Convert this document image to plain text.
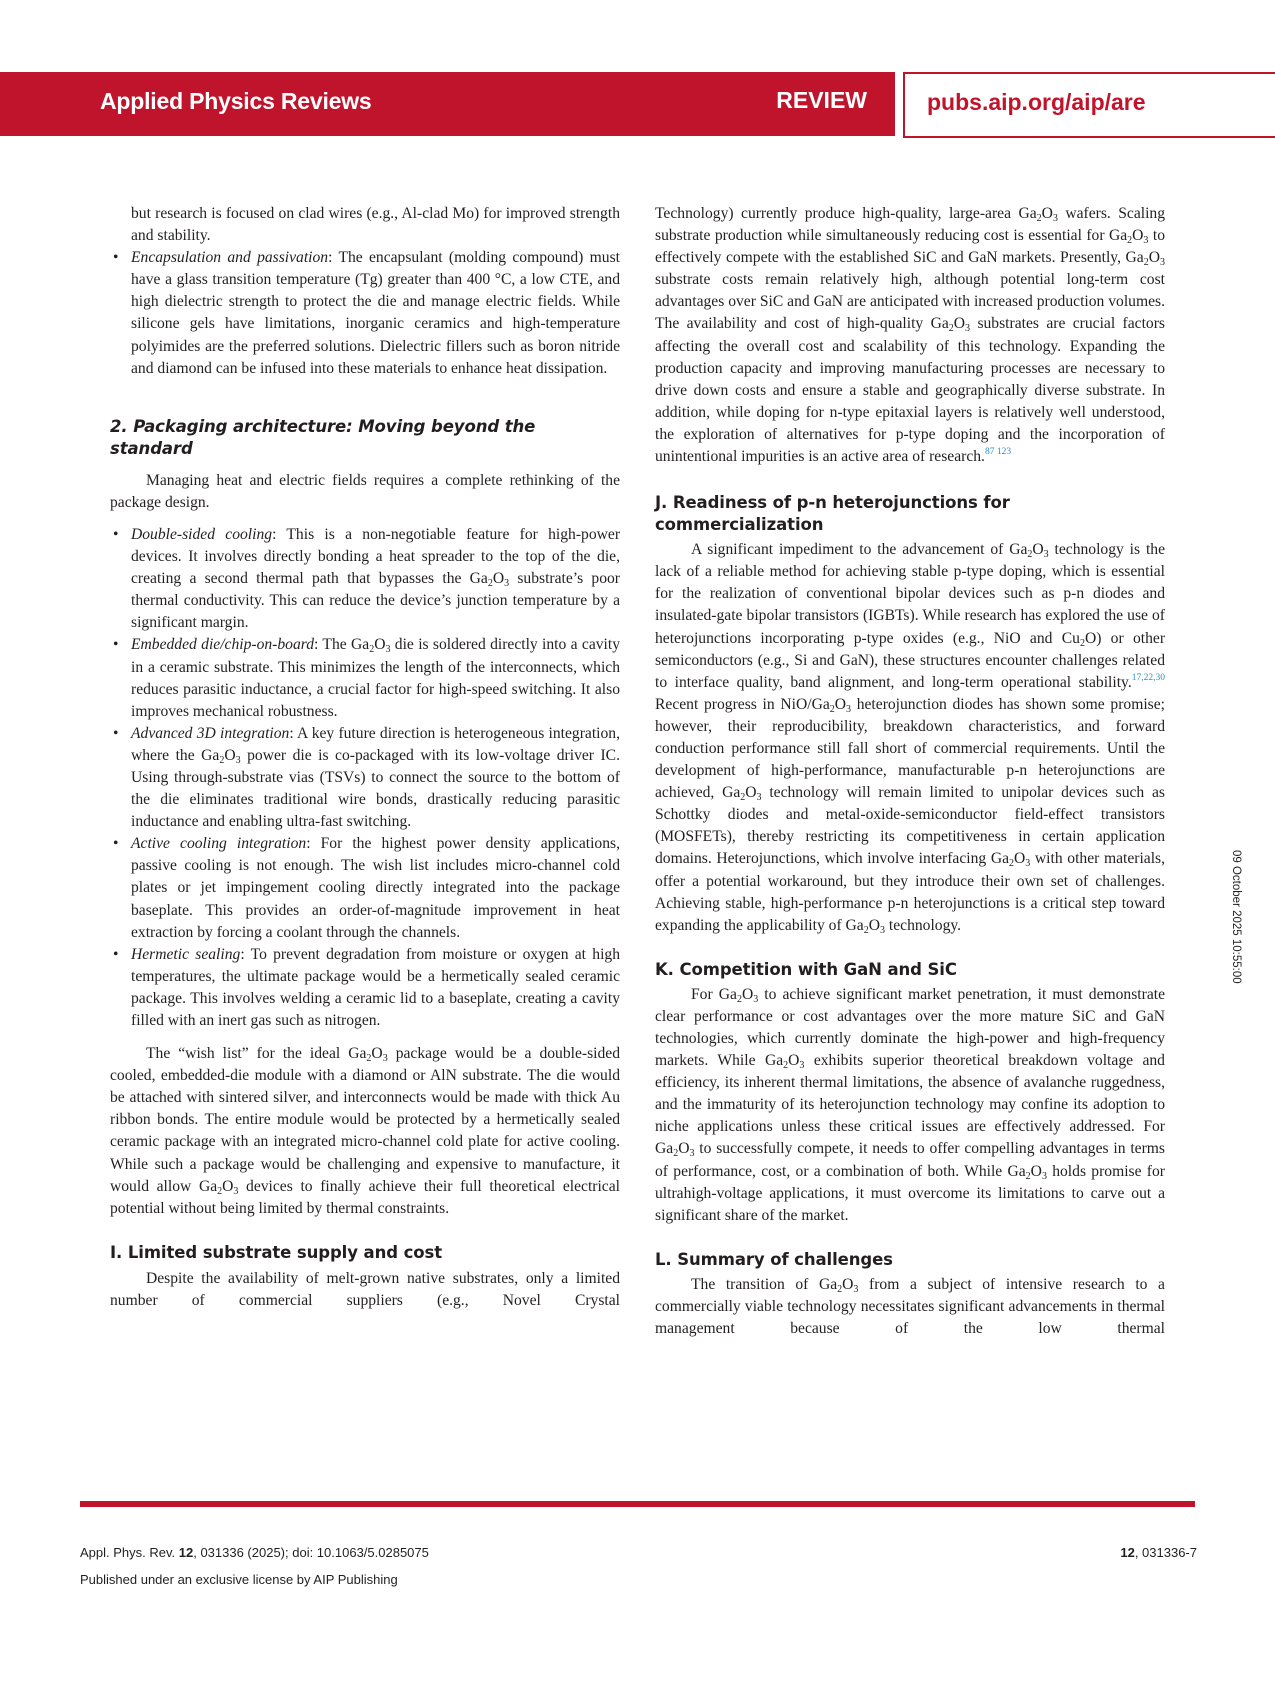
Applied Physics Reviews	REVIEW	pubs.aip.org/aip/are

but research is focused on clad wires (e.g., Al-clad Mo) for improved strength and stability.

• Encapsulation and passivation: The encapsulant (molding compound) must have a glass transition temperature (Tg) greater than 400 °C, a low CTE, and high dielectric strength to protect the die and manage electric fields. While silicone gels have limitations, inorganic ceramics and high-temperature polyimides are the preferred solutions. Dielectric fillers such as boron nitride and diamond can be infused into these materials to enhance heat dissipation.
2. Packaging architecture: Moving beyond the standard

Managing heat and electric fields requires a complete rethinking of the package design.

• Double-sided cooling: This is a non-negotiable feature for high-power devices. It involves directly bonding a heat spreader to the top of the die, creating a second thermal path that bypasses the $Ga_2O_3$ substrate’s poor thermal conductivity. This can reduce the device’s junction temperature by a significant margin.
• Embedded die/chip-on-board: The $Ga_2O_3$ die is soldered directly into a cavity in a ceramic substrate. This minimizes the length of the interconnects, which reduces parasitic inductance, a crucial factor for high-speed switching. It also improves mechanical robustness.
• Advanced 3D integration: A key future direction is heterogeneous integration, where the $Ga_2O_3$ power die is co-packaged with its low-voltage driver IC. Using through-substrate vias (TSVs) to connect the source to the bottom of the die eliminates traditional wire bonds, drastically reducing parasitic inductance and enabling ultra-fast switching.
• Active cooling integration: For the highest power density applications, passive cooling is not enough. The wish list includes micro-channel cold plates or jet impingement cooling directly integrated into the package baseplate. This provides an order-of-magnitude improvement in heat extraction by forcing a coolant through the channels.
• Hermetic sealing: To prevent degradation from moisture or oxygen at high temperatures, the ultimate package would be a hermetically sealed ceramic package. This involves welding a ceramic lid to a baseplate, creating a cavity filled with an inert gas such as nitrogen.

The “wish list” for the ideal $Ga_2O_3$ package would be a double-sided cooled, embedded-die module with a diamond or AlN substrate. The die would be attached with sintered silver, and interconnects would be made with thick Au ribbon bonds. The entire module would be protected by a hermetically sealed ceramic package with an integrated micro-channel cold plate for active cooling. While such a package would be challenging and expensive to manufacture, it would allow $Ga_2O_3$ devices to finally achieve their full theoretical electrical potential without being limited by thermal constraints.

I. Limited substrate supply and cost

Despite the availability of melt-grown native substrates, only a limited number of commercial suppliers (e.g., Novel Crystal

Technology) currently produce high-quality, large-area $Ga_2O_3$ wafers. Scaling substrate production while simultaneously reducing cost is essential for $Ga_2O_3$ to effectively compete with the established SiC and GaN markets. Presently, $Ga_2O_3$ substrate costs remain relatively high, although potential long-term cost advantages over SiC and GaN are anticipated with increased production volumes. The availability and cost of high-quality $Ga_2O_3$ substrates are crucial factors affecting the overall cost and scalability of this technology. Expanding the production capacity and improving manufacturing processes are necessary to drive down costs and ensure a stable and geographically diverse substrate. In addition, while doping for n-type epitaxial layers is relatively well understood, the exploration of alternatives for p-type doping and the incorporation of unintentional impurities is an active area of research.$^{87 123}$

J. Readiness of p-n heterojunctions for commercialization

A significant impediment to the advancement of $Ga_2O_3$ technology is the lack of a reliable method for achieving stable p-type doping, which is essential for the realization of conventional bipolar devices such as p-n diodes and insulated-gate bipolar transistors (IGBTs). While research has explored the use of heterojunctions incorporating p-type oxides (e.g., NiO and $Cu_2O$) or other semiconductors (e.g., Si and GaN), these structures encounter challenges related to interface quality, band alignment, and long-term operational stability.$^{17,22,30}$ Recent progress in NiO/$Ga_2O_3$ heterojunction diodes has shown some promise; however, their reproducibility, breakdown characteristics, and forward conduction performance still fall short of commercial requirements. Until the development of high-performance, manufacturable p-n heterojunctions are achieved, $Ga_2O_3$ technology will remain limited to unipolar devices such as Schottky diodes and metal-oxide-semiconductor field-effect transistors (MOSFETs), thereby restricting its competitiveness in certain application domains. Heterojunctions, which involve interfacing $Ga_2O_3$ with other materials, offer a potential workaround, but they introduce their own set of challenges. Achieving stable, high-performance p-n heterojunctions is a critical step toward expanding the applicability of $Ga_2O_3$ technology.

K. Competition with GaN and SiC

For $Ga_2O_3$ to achieve significant market penetration, it must demonstrate clear performance or cost advantages over the more mature SiC and GaN technologies, which currently dominate the high-power and high-frequency markets. While $Ga_2O_3$ exhibits superior theoretical breakdown voltage and efficiency, its inherent thermal limitations, the absence of avalanche ruggedness, and the immaturity of its heterojunction technology may confine its adoption to niche applications unless these critical issues are effectively addressed. For $Ga_2O_3$ to successfully compete, it needs to offer compelling advantages in terms of performance, cost, or a combination of both. While $Ga_2O_3$ holds promise for ultrahigh-voltage applications, it must overcome its limitations to carve out a significant share of the market.

L. Summary of challenges

The transition of $Ga_2O_3$ from a subject of intensive research to a commercially viable technology necessitates significant advancements in thermal management because of the low thermal

09 October 2025 10:55:00
Appl. Phys. Rev. 12, 031336 (2025); doi: 10.1063/5.0285075	12, 031336-7
Published under an exclusive license by AIP Publishing
